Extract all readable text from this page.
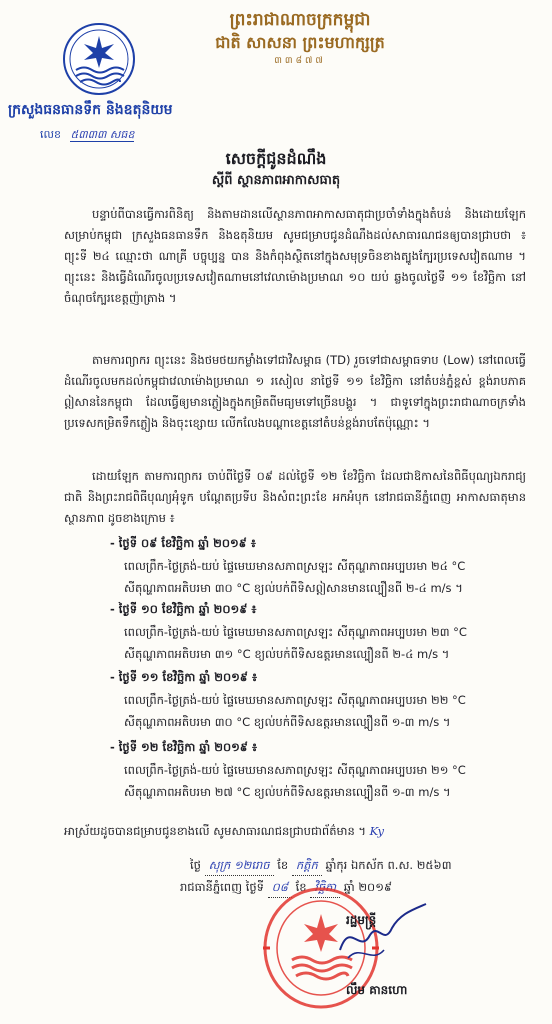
ព្រះរាជាណាចក្រកម្ពុជា
ជាតិ សាសនា ព្រះមហាក្សត្រ
៣៣៨៧៧
ក្រសួងធនធានទឹក និងឧតុនិយម
លេខ ៥៣៣៣ សធឧ
សេចក្ដីជូនដំណឹង
ស្ដីពី ស្ថានភាពអាកាសធាតុ
បន្ទាប់ពីបានធ្វើការពិនិត្យ និងតាមដានលើស្ថានភាពអាកាសធាតុជាប្រចាំទាំងក្នុងតំបន់ និងដោយឡែកសម្រាប់កម្ពុជា ក្រសួងធនធានទឹក និងឧតុនិយម សូមជម្រាបជូនដំណឹងដល់សាធារណជនឲ្យបានជ្រាបថា ៖ ព្យុះទី ២៤ ឈ្មោះថា ណាគ្រី បច្ចុប្បន្ន បាន និងកំពុងស្ថិតនៅក្នុងសមុទ្រចិនខាងត្បូងក្បែរប្រទេសវៀតណាម ។ ព្យុះនេះ និងធ្វើដំណើរចូលប្រទេសវៀតណាមនៅវេលាម៉ោងប្រមាណ ១០ យប់ ឆ្លងចូលថ្ងៃទី ១១ ខែវិច្ឆិកា នៅចំណុចក្បែរខេត្តញ៉ាត្រាង ។
តាមការព្យាករ ព្យុះនេះ និងថមថយកម្លាំងទៅជាវិសម្ពាធ (TD) រួចទៅជាសម្ពាធទាប (Low) នៅពេលធ្វើដំណើរចូលមកដល់កម្ពុជាវេលាម៉ោងប្រមាណ ១ រសៀល នាថ្ងៃទី ១១ ខែវិច្ឆិកា នៅតំបន់ភ្នំខ្ពស់ ខ្ពង់រាបភាគឦសាននៃកម្ពុជា ដែលធ្វើឲ្យមានភ្លៀងក្នុងកម្រិតពីមធ្យមទៅច្រើនបង្គួរ ។ ជាទូទៅក្នុងព្រះរាជាណាចក្រទាំងប្រទេសកម្រិតទឹកភ្លៀង និងចុះខ្សោយ លើកលែងបណ្ដាខេត្តនៅតំបន់ខ្ពង់រាបតែប៉ុណ្ណោះ ។
ដោយឡែក តាមការព្យាករ ចាប់ពីថ្ងៃទី ០៩ ដល់ថ្ងៃទី ១២ ខែវិច្ឆិកា ដែលជាឱកាសនៃពិធីបុណ្យឯករាជ្យជាតិ និងព្រះរាជពិធីបុណ្យអុំទូក បណ្ដែតប្រទីប និងសំពះព្រះខែ អកអំបុក នៅរាជធានីភ្នំពេញ អាកាសធាតុមានស្ថានភាព ដូចខាងក្រោម ៖
- ថ្ងៃទី ០៩ ខែវិច្ឆិកា ឆ្នាំ ២០១៩ ៖
ពេលព្រឹក-ថ្ងៃត្រង់-យប់ ផ្ទៃមេឃមានសភាពស្រឡះ សីតុណ្ហភាពអប្បបរមា ២៤ °C
សីតុណ្ហភាពអតិបរមា ៣០ °C ខ្យល់បក់ពីទិសឦសានមានល្បឿនពី ២-៤ m/s ។
- ថ្ងៃទី ១០ ខែវិច្ឆិកា ឆ្នាំ ២០១៩ ៖
ពេលព្រឹក-ថ្ងៃត្រង់-យប់ ផ្ទៃមេឃមានសភាពស្រឡះ សីតុណ្ហភាពអប្បបរមា ២៣ °C
សីតុណ្ហភាពអតិបរមា ៣១ °C ខ្យល់បក់ពីទិសឧត្តរមានល្បឿនពី ២-៤ m/s ។
- ថ្ងៃទី ១១ ខែវិច្ឆិកា ឆ្នាំ ២០១៩ ៖
ពេលព្រឹក-ថ្ងៃត្រង់-យប់ ផ្ទៃមេឃមានសភាពស្រឡះ សីតុណ្ហភាពអប្បបរមា ២២ °C
សីតុណ្ហភាពអតិបរមា ៣០ °C ខ្យល់បក់ពីទិសឧត្តរមានល្បឿនពី ១-៣ m/s ។
- ថ្ងៃទី ១២ ខែវិច្ឆិកា ឆ្នាំ ២០១៩ ៖
ពេលព្រឹក-ថ្ងៃត្រង់-យប់ ផ្ទៃមេឃមានសភាពស្រឡះ សីតុណ្ហភាពអប្បបរមា ២១ °C
សីតុណ្ហភាពអតិបរមា ២៧ °C ខ្យល់បក់ពីទិសឧត្តរមានល្បឿនពី ១-៣ m/s ។
អាស្រ័យដូចបានជម្រាបជូនខាងលើ សូមសាធារណជនជ្រាបជាព័ត៌មាន ។ Ky
ថ្ងៃ សុក្រ ១២រោច ខែ កត្ដិក ឆ្នាំកុរ ឯកស័ក ព.ស. ២៥៦៣
រាជធានីភ្នំពេញ ថ្ងៃទី ០៨ ខែ វិច្ឆិកា ឆ្នាំ ២០១៩
រដ្ឋមន្ត្រី
លឹម គានហោ
